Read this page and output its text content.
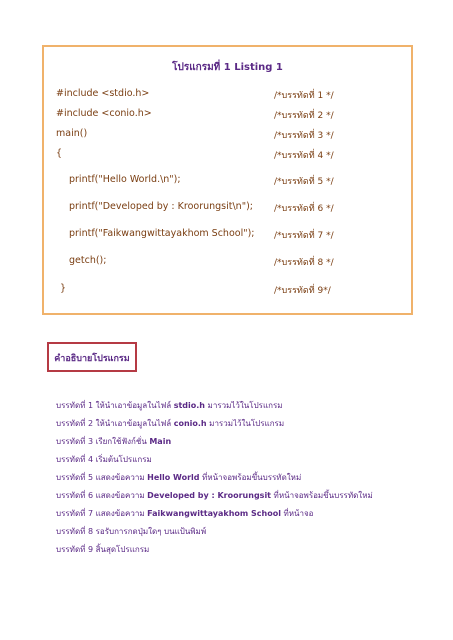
โปรแกรมที่ 1 Listing 1
#include <stdio.h>	/*บรรทัดที่ 1 */
#include <conio.h>	/*บรรทัดที่ 2 */
main()	/*บรรทัดที่ 3 */
{	/*บรรทัดที่ 4 */
printf("Hello World.\n");	/*บรรทัดที่ 5 */
printf("Developed by : Kroorungsit\n"); /*บรรทัดที่ 6 */
printf("Faikwangwittayakhom School"); /*บรรทัดที่ 7 */
getch();	/*บรรทัดที่ 8 */
}	/*บรรทัดที่ 9*/
คำอธิบายโปรแกรม
บรรทัดที่ 1 ให้นำเอาข้อมูลในไฟล์ stdio.h มารวมไว้ในโปรแกรม
บรรทัดที่ 2 ให้นำเอาข้อมูลในไฟล์ conio.h มารวมไว้ในโปรแกรม
บรรทัดที่ 3 เรียกใช้ฟังก์ชั่น Main
บรรทัดที่ 4 เริ่มต้นโปรแกรม
บรรทัดที่ 5 แสดงข้อความ Hello World ที่หน้าจอพร้อมขึ้นบรรทัดใหม่
บรรทัดที่ 6 แสดงข้อความ Developed by : Kroorungsit ที่หน้าจอพร้อมขึ้นบรรทัดใหม่
บรรทัดที่ 7 แสดงข้อความ Faikwangwittayakhom School ที่หน้าจอ
บรรทัดที่ 8 รอรับการกดปุ่มใดๆ บนแป้นพิมพ์
บรรทัดที่ 9 สิ้นสุดโปรแกรม
